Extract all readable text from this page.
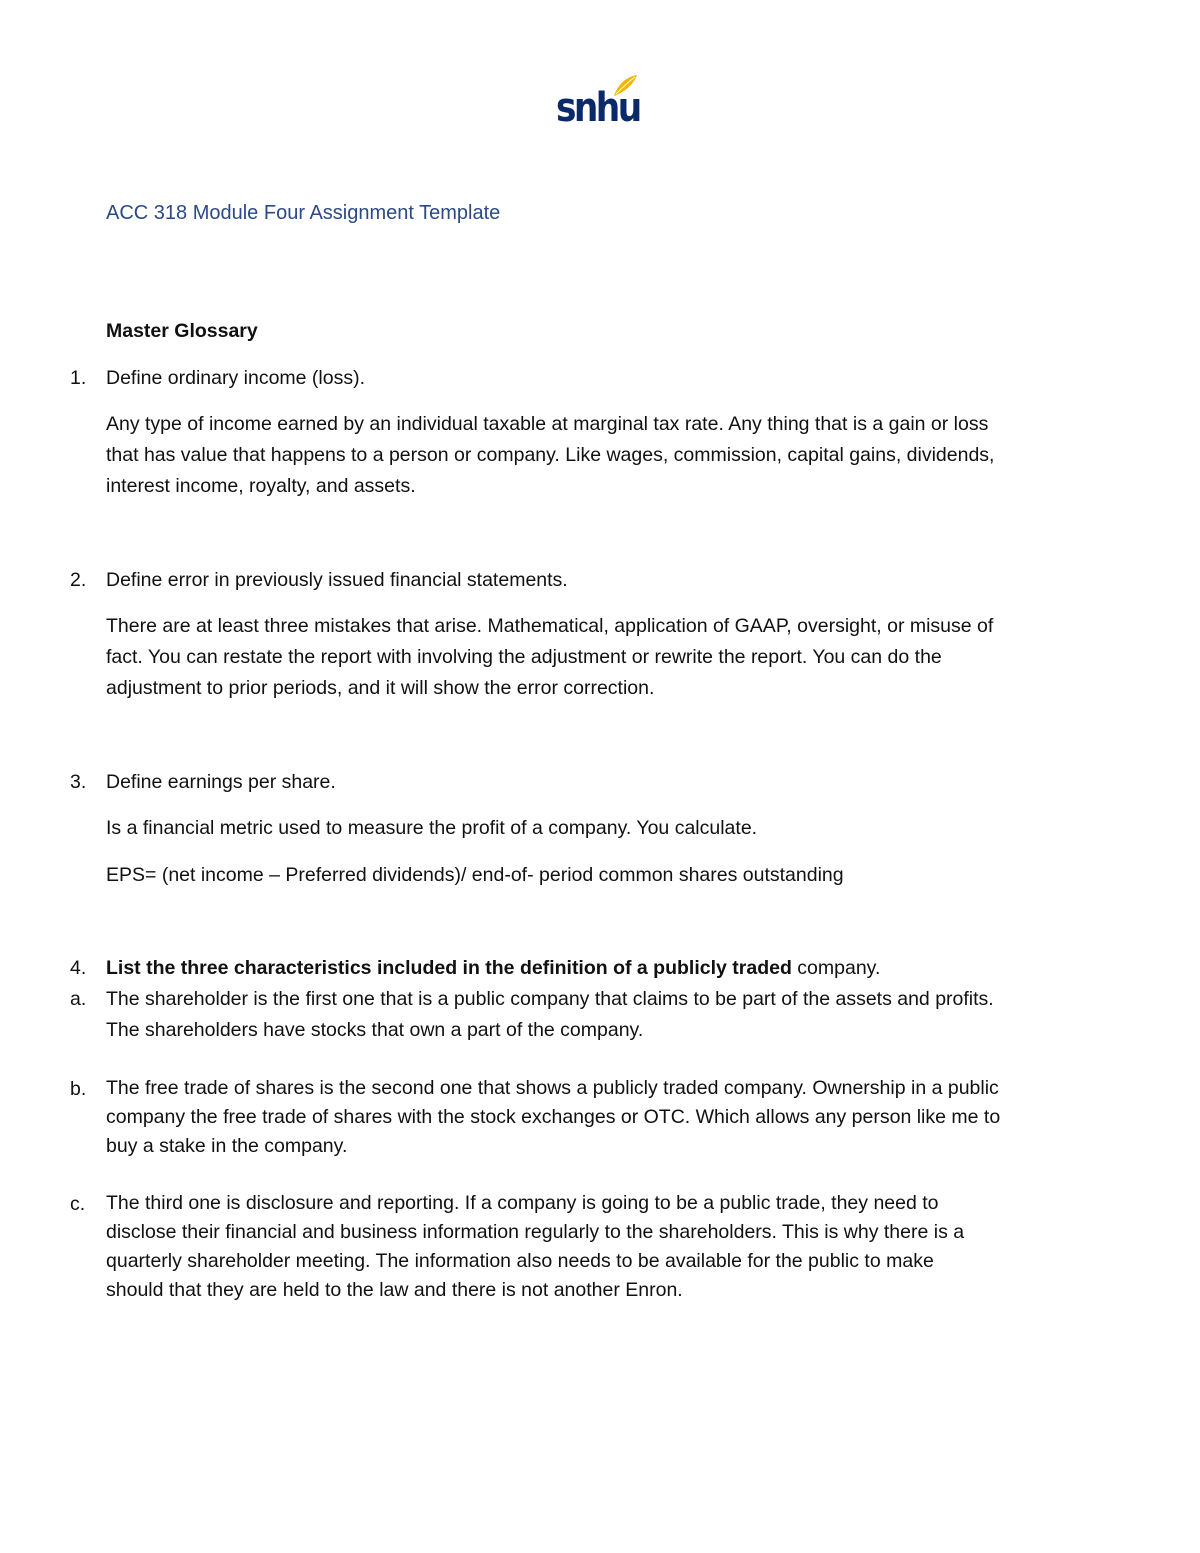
snhu
ACC 318 Module Four Assignment Template
Master Glossary
1. Define ordinary income (loss).
Any type of income earned by an individual taxable at marginal tax rate. Any thing that is a gain or loss
that has value that happens to a person or company. Like wages, commission, capital gains, dividends,
interest income, royalty, and assets.
2. Define error in previously issued financial statements.
There are at least three mistakes that arise. Mathematical, application of GAAP, oversight, or misuse of
fact. You can restate the report with involving the adjustment or rewrite the report. You can do the
adjustment to prior periods, and it will show the error correction.
3. Define earnings per share.
Is a financial metric used to measure the profit of a company. You calculate.
EPS= (net income – Preferred dividends)/ end-of- period common shares outstanding
4. List the three characteristics included in the definition of a publicly traded company.
a. The shareholder is the first one that is a public company that claims to be part of the assets and profits.
The shareholders have stocks that own a part of the company.
b. The free trade of shares is the second one that shows a publicly traded company. Ownership in a public
company the free trade of shares with the stock exchanges or OTC. Which allows any person like me to
buy a stake in the company.
c. The third one is disclosure and reporting. If a company is going to be a public trade, they need to
disclose their financial and business information regularly to the shareholders. This is why there is a
quarterly shareholder meeting. The information also needs to be available for the public to make
should that they are held to the law and there is not another Enron.
